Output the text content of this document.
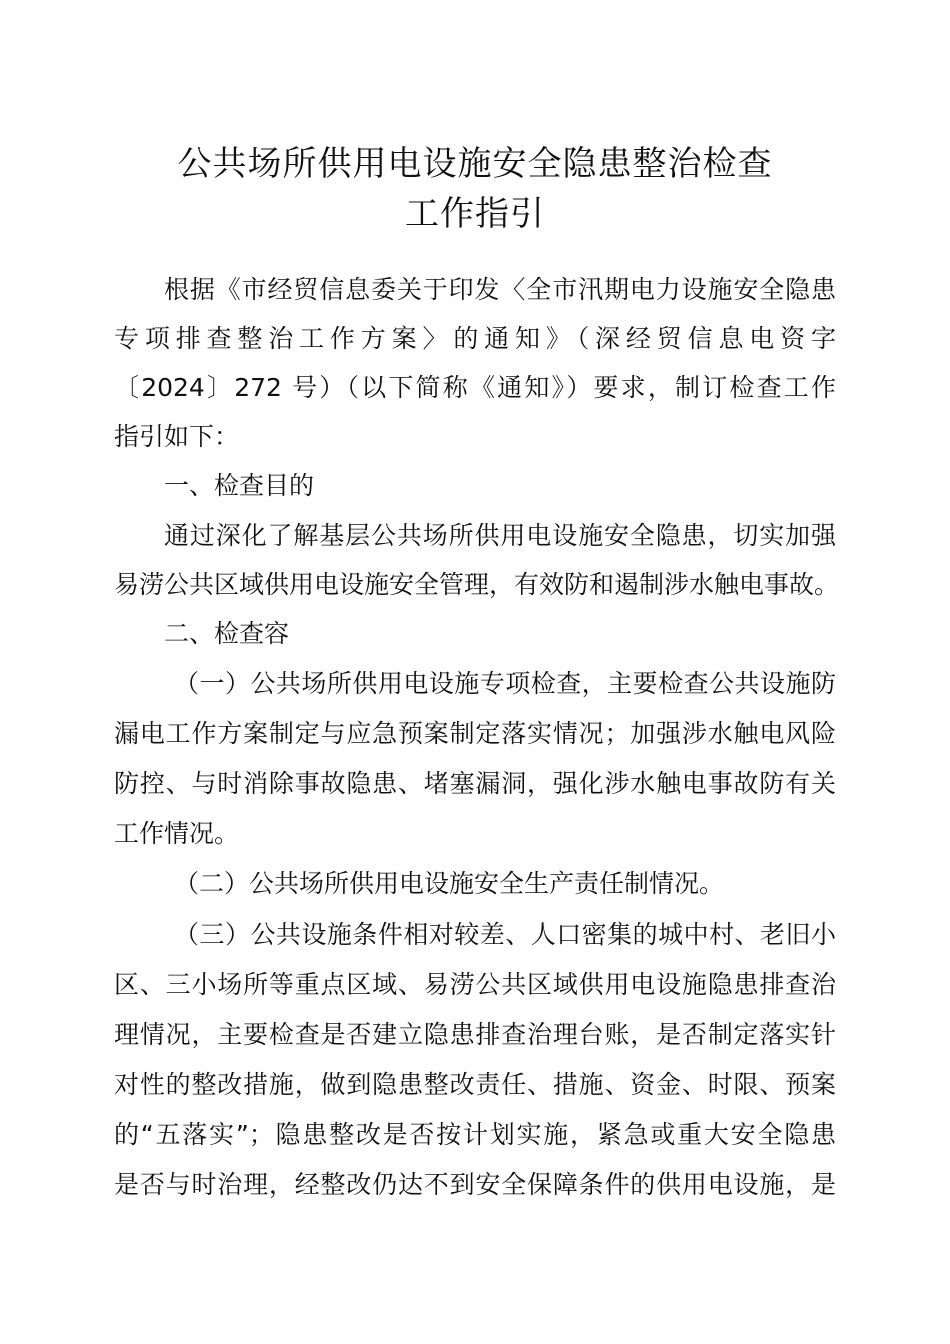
公共场所供用电设施安全隐患整治检查
工作指引
根据《市经贸信息委关于印发〈全市汛期电力设施安全隐患
专项排查整治工作方案〉的通知》（深经贸信息电资字
〔2024〕272 号）（以下简称《通知》）要求，制订检查工作
指引如下：
一、检查目的
通过深化了解基层公共场所供用电设施安全隐患，切实加强
易涝公共区域供用电设施安全管理，有效防和遏制涉水触电事故。
二、检查容
（一）公共场所供用电设施专项检查，主要检查公共设施防
漏电工作方案制定与应急预案制定落实情况；加强涉水触电风险
防控、与时消除事故隐患、堵塞漏洞，强化涉水触电事故防有关
工作情况。
（二）公共场所供用电设施安全生产责任制情况。
（三）公共设施条件相对较差、人口密集的城中村、老旧小
区、三小场所等重点区域、易涝公共区域供用电设施隐患排查治
理情况，主要检查是否建立隐患排查治理台账，是否制定落实针
对性的整改措施，做到隐患整改责任、措施、资金、时限、预案
的“五落实”；隐患整改是否按计划实施，紧急或重大安全隐患
是否与时治理，经整改仍达不到安全保障条件的供用电设施，是
